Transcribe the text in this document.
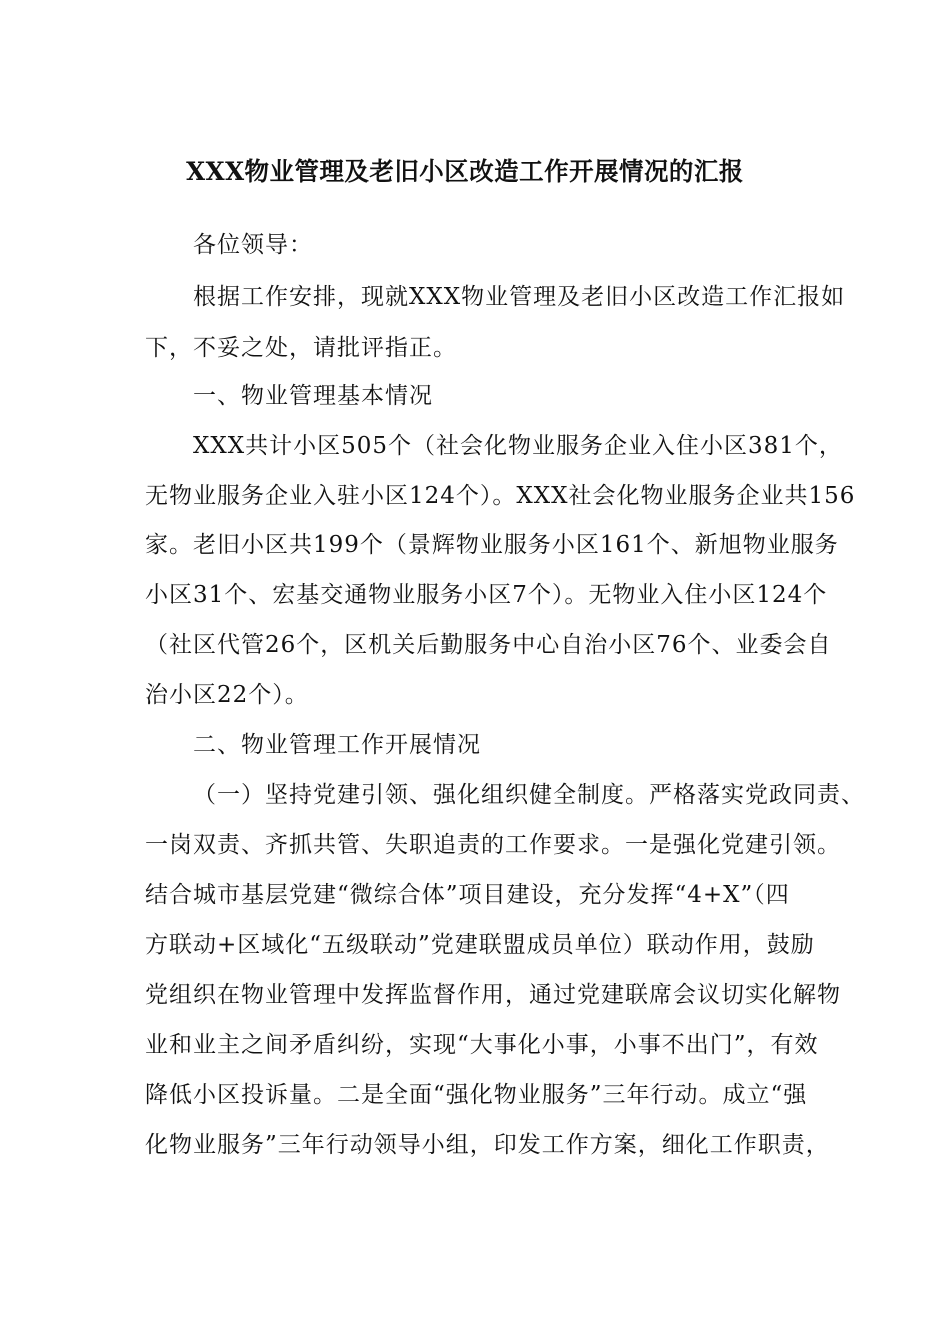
XXX物业管理及老旧小区改造工作开展情况的汇报
各位领导：
根据工作安排，现就XXX物业管理及老旧小区改造工作汇报如
下，不妥之处，请批评指正。
一、物业管理基本情况
XXX共计小区505个（社会化物业服务企业入住小区381个，
无物业服务企业入驻小区124个）。XXX社会化物业服务企业共156
家。老旧小区共199个（景辉物业服务小区161个、新旭物业服务
小区31个、宏基交通物业服务小区7个）。无物业入住小区124个
（社区代管26个，区机关后勤服务中心自治小区76个、业委会自
治小区22个）。
二、物业管理工作开展情况
（一）坚持党建引领、强化组织健全制度。严格落实党政同责、
一岗双责、齐抓共管、失职追责的工作要求。一是强化党建引领。
结合城市基层党建“微综合体”项目建设，充分发挥“4+X”（四
方联动+区域化“五级联动”党建联盟成员单位）联动作用，鼓励
党组织在物业管理中发挥监督作用，通过党建联席会议切实化解物
业和业主之间矛盾纠纷，实现“大事化小事，小事不出门”，有效
降低小区投诉量。二是全面“强化物业服务”三年行动。成立“强
化物业服务”三年行动领导小组，印发工作方案，细化工作职责，
